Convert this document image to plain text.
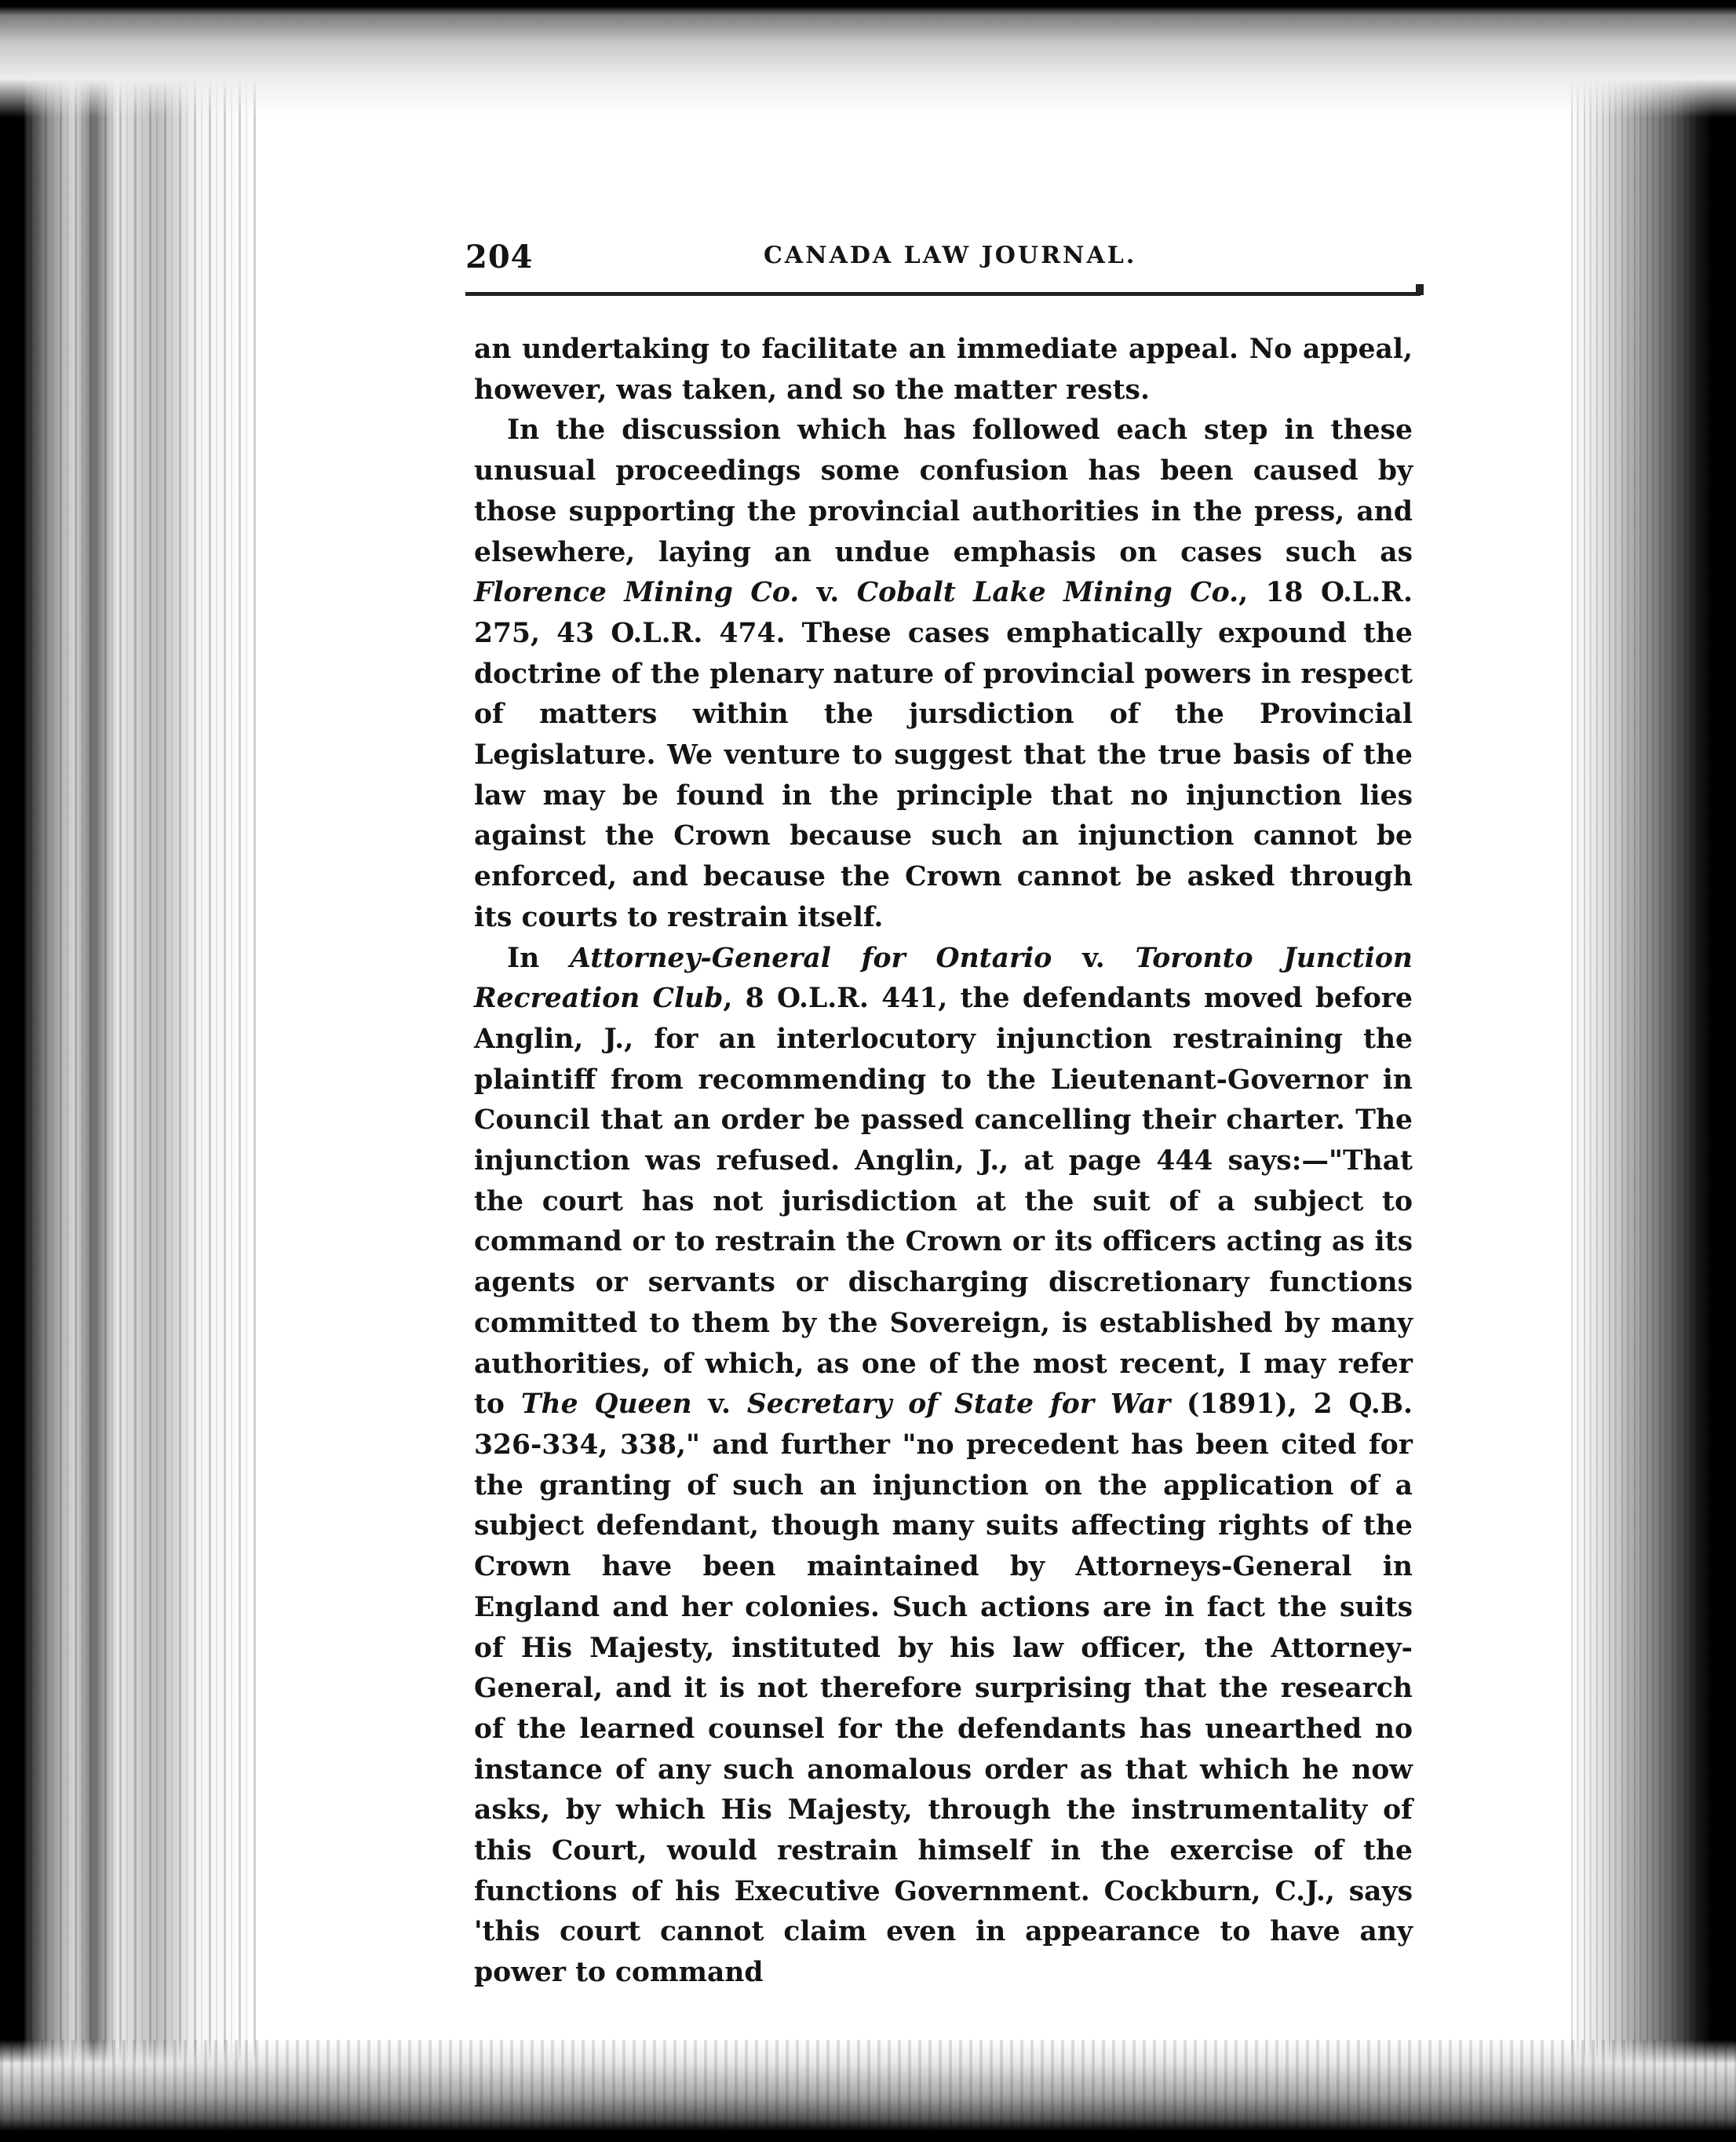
204	CANADA LAW JOURNAL.

an undertaking to facilitate an immediate appeal. No appeal, however, was taken, and so the matter rests.

In the discussion which has followed each step in these unusual proceedings some confusion has been caused by those supporting the provincial authorities in the press, and elsewhere, laying an undue emphasis on cases such as Florence Mining Co. v. Cobalt Lake Mining Co., 18 O.L.R. 275, 43 O.L.R. 474. These cases emphatically expound the doctrine of the plenary nature of provincial powers in respect of matters within the jursdiction of the Provincial Legislature. We venture to suggest that the true basis of the law may be found in the principle that no injunction lies against the Crown because such an injunction cannot be enforced, and because the Crown cannot be asked through its courts to restrain itself.

In Attorney-General for Ontario v. Toronto Junction Recreation Club, 8 O.L.R. 441, the defendants moved before Anglin, J., for an interlocutory injunction restraining the plaintiff from recommending to the Lieutenant-Governor in Council that an order be passed cancelling their charter. The injunction was refused. Anglin, J., at page 444 says:—"That the court has not jurisdiction at the suit of a subject to command or to restrain the Crown or its officers acting as its agents or servants or discharging discretionary functions committed to them by the Sovereign, is established by many authorities, of which, as one of the most recent, I may refer to The Queen v. Secretary of State for War (1891), 2 Q.B. 326-334, 338," and further "no precedent has been cited for the granting of such an injunction on the application of a subject defendant, though many suits affecting rights of the Crown have been maintained by Attorneys-General in England and her colonies. Such actions are in fact the suits of His Majesty, instituted by his law officer, the Attorney-General, and it is not therefore surprising that the research of the learned counsel for the defendants has unearthed no instance of any such anomalous order as that which he now asks, by which His Majesty, through the instrumentality of this Court, would restrain himself in the exercise of the functions of his Executive Government. Cockburn, C.J., says 'this court cannot claim even in appearance to have any power to command
